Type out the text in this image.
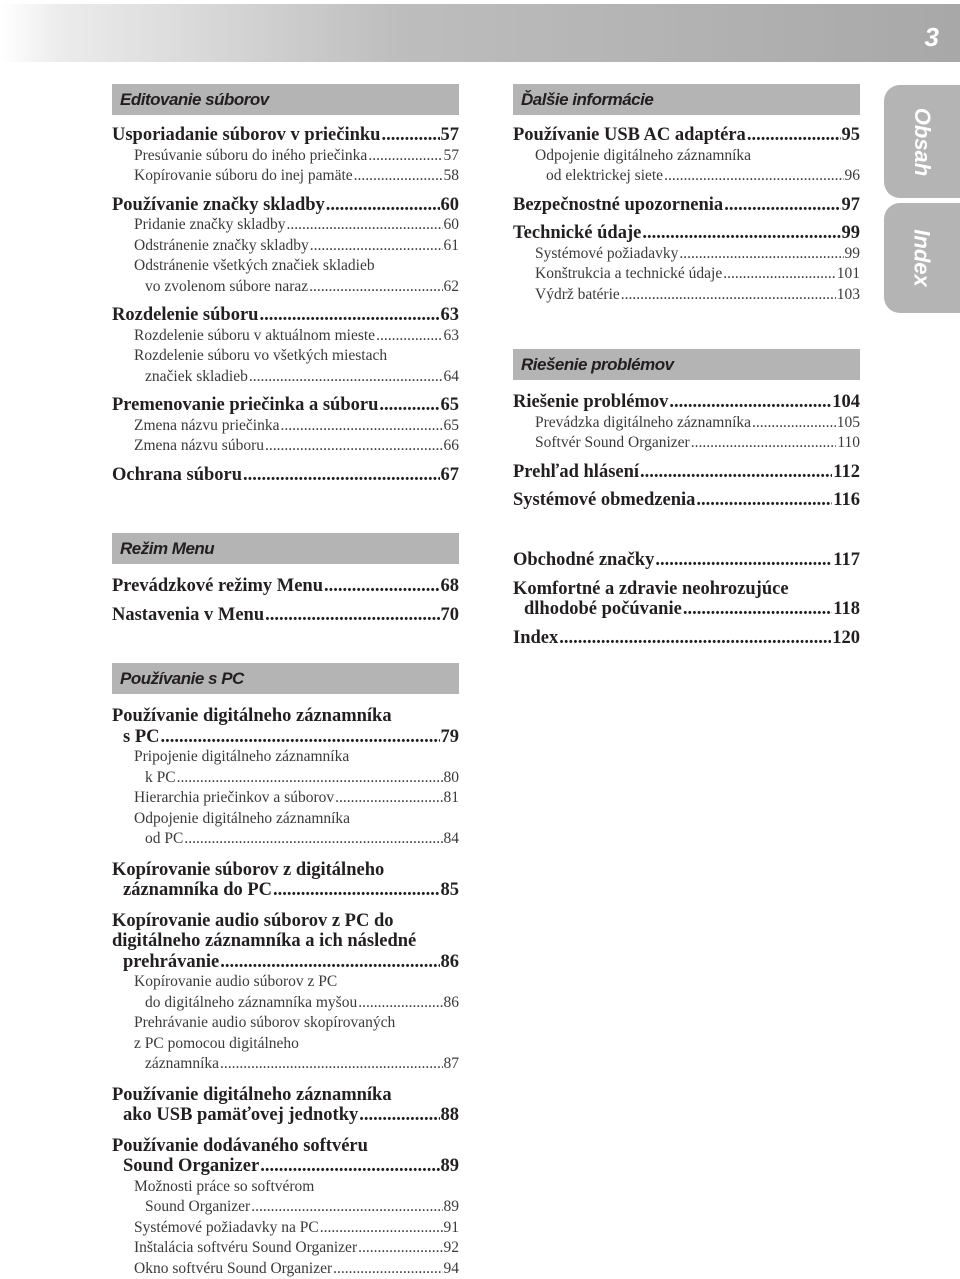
3
Obsah
Index
Editovanie súborov
Usporiadanie súborov v priečinku .....	57
Presúvanie súboru do iného priečinka .....	57
Kopírovanie súboru do inej pamäte .....	58
Používanie značky skladby .....	60
Pridanie značky skladby .....	60
Odstránenie značky skladby .....	61
Odstránenie všetkých značiek skladieb
vo zvolenom súbore naraz .....	62
Rozdelenie súboru .....	63
Rozdelenie súboru v aktuálnom mieste .....	63
Rozdelenie súboru vo všetkých miestach
značiek skladieb .....	64
Premenovanie priečinka a súboru .....	65
Zmena názvu priečinka .....	65
Zmena názvu súboru .....	66
Ochrana súboru .....	67
Režim Menu
Prevádzkové režimy Menu .....	68
Nastavenia v Menu .....	70
Používanie s PC
Používanie digitálneho záznamníka
s PC .....	79
Pripojenie digitálneho záznamníka
k PC .....	80
Hierarchia priečinkov a súborov .....	81
Odpojenie digitálneho záznamníka
od PC .....	84
Kopírovanie súborov z digitálneho
záznamníka do PC .....	85
Kopírovanie audio súborov z PC do
digitálneho záznamníka a ich následné
prehrávanie .....	86
Kopírovanie audio súborov z PC
do digitálneho záznamníka myšou .....	86
Prehrávanie audio súborov skopírovaných
z PC pomocou digitálneho
záznamníka .....	87
Používanie digitálneho záznamníka
ako USB pamäťovej jednotky .....	88
Používanie dodávaného softvéru
Sound Organizer .....	89
Možnosti práce so softvérom
Sound Organizer .....	89
Systémové požiadavky na PC .....	91
Inštalácia softvéru Sound Organizer .....	92
Okno softvéru Sound Organizer .....	94
Ďalšie informácie
Používanie USB AC adaptéra .....	95
Odpojenie digitálneho záznamníka
od elektrickej siete .....	96
Bezpečnostné upozornenia .....	97
Technické údaje .....	99
Systémové požiadavky .....	99
Konštrukcia a technické údaje .....	101
Výdrž batérie .....	103
Riešenie problémov
Riešenie problémov .....	104
Prevádzka digitálneho záznamníka .....	105
Softvér Sound Organizer .....	110
Prehľad hlásení .....	112
Systémové obmedzenia .....	116
Obchodné značky .....	117
Komfortné a zdravie neohrozujúce
dlhodobé počúvanie .....	118
Index .....	120
